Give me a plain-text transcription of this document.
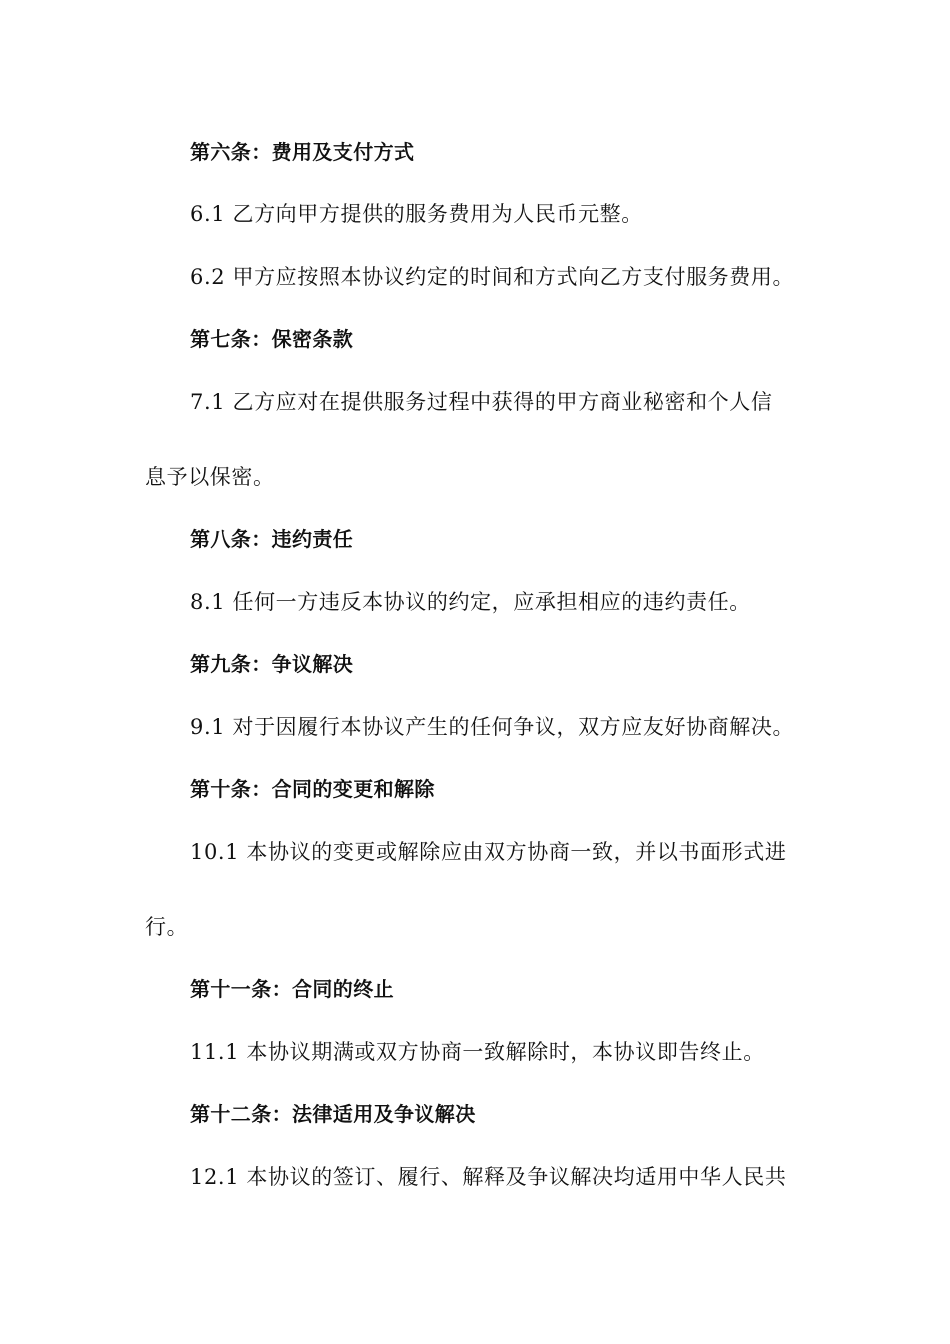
第六条：费用及支付方式
6.1 乙方向甲方提供的服务费用为人民币元整。
6.2 甲方应按照本协议约定的时间和方式向乙方支付服务费用。
第七条：保密条款
7.1 乙方应对在提供服务过程中获得的甲方商业秘密和个人信
息予以保密。
第八条：违约责任
8.1 任何一方违反本协议的约定，应承担相应的违约责任。
第九条：争议解决
9.1 对于因履行本协议产生的任何争议，双方应友好协商解决。
第十条：合同的变更和解除
10.1 本协议的变更或解除应由双方协商一致，并以书面形式进
行。
第十一条：合同的终止
11.1 本协议期满或双方协商一致解除时，本协议即告终止。
第十二条：法律适用及争议解决
12.1 本协议的签订、履行、解释及争议解决均适用中华人民共
